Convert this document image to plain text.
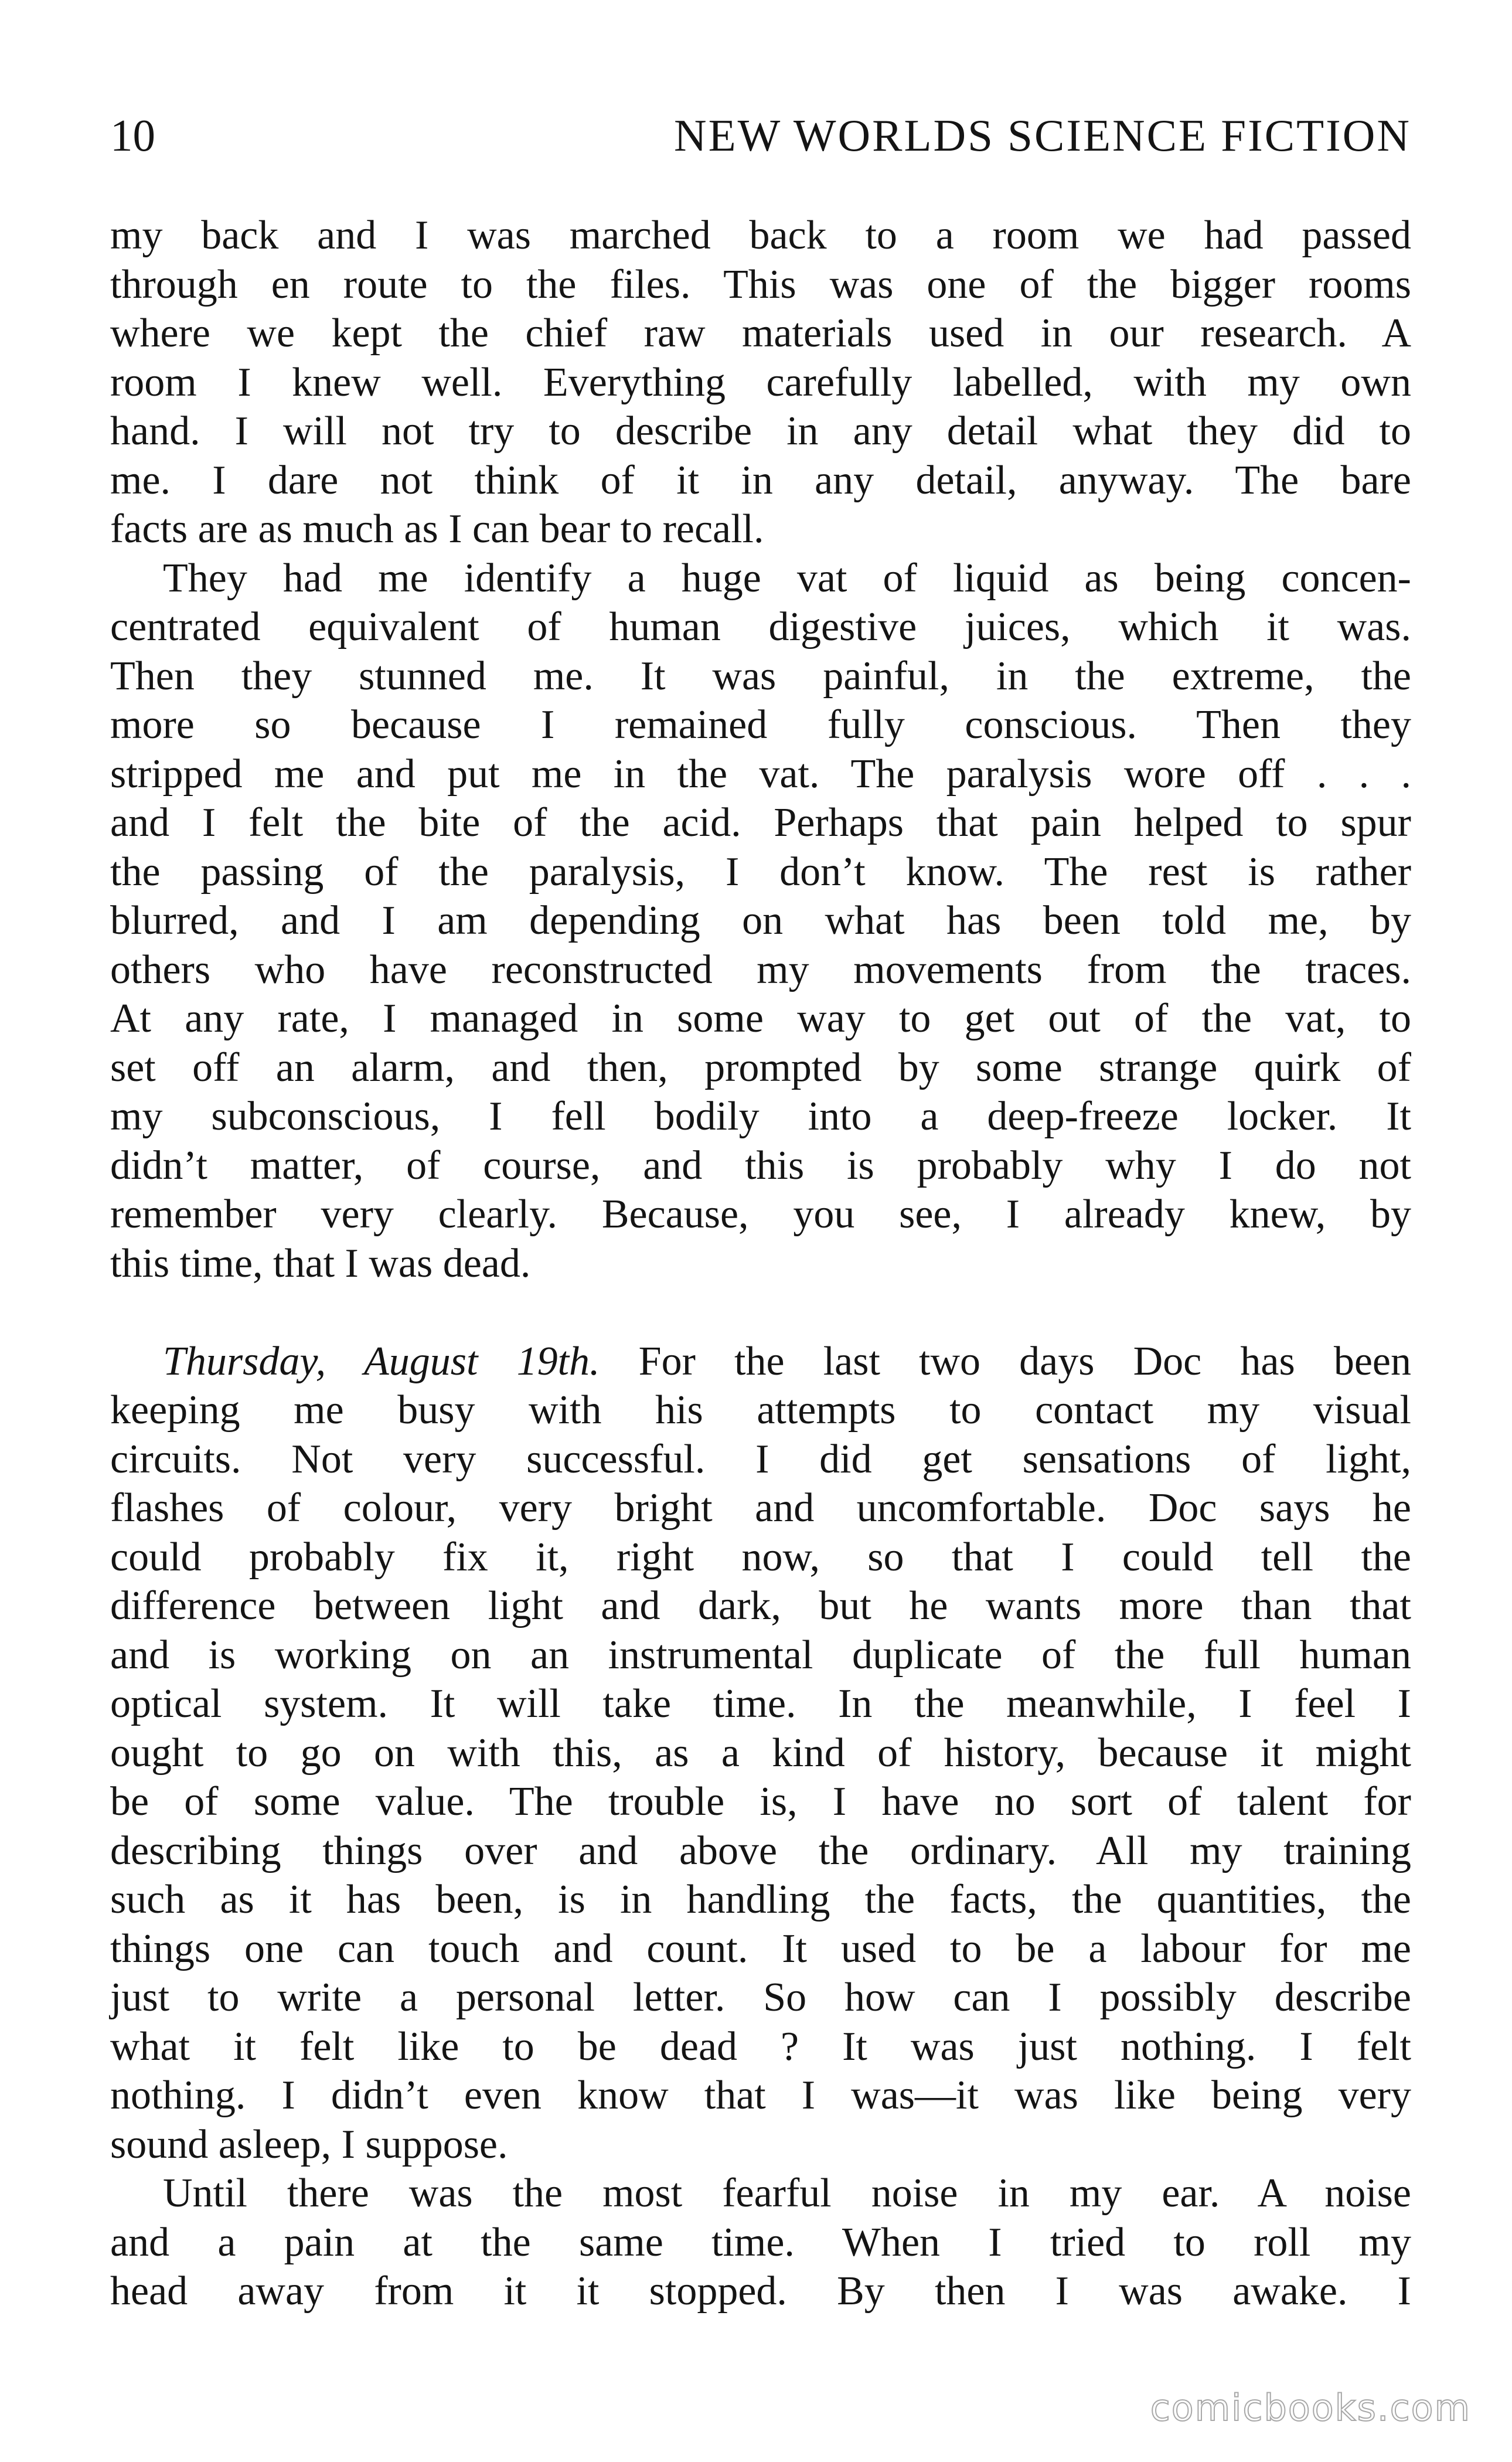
10	NEW WORLDS SCIENCE FICTION
my back and I was marched back to a room we had passed
through en route to the files. This was one of the bigger rooms
where we kept the chief raw materials used in our research. A
room I knew well. Everything carefully labelled, with my own
hand. I will not try to describe in any detail what they did to
me. I dare not think of it in any detail, anyway. The bare
facts are as much as I can bear to recall.
They had me identify a huge vat of liquid as being concen-
centrated equivalent of human digestive juices, which it was.
Then they stunned me. It was painful, in the extreme, the
more so because I remained fully conscious. Then they
stripped me and put me in the vat. The paralysis wore off . . .
and I felt the bite of the acid. Perhaps that pain helped to spur
the passing of the paralysis, I don’t know. The rest is rather
blurred, and I am depending on what has been told me, by
others who have reconstructed my movements from the traces.
At any rate, I managed in some way to get out of the vat, to
set off an alarm, and then, prompted by some strange quirk of
my subconscious, I fell bodily into a deep-freeze locker. It
didn’t matter, of course, and this is probably why I do not
remember very clearly. Because, you see, I already knew, by
this time, that I was dead.
Thursday, August 19th. For the last two days Doc has been
keeping me busy with his attempts to contact my visual
circuits. Not very successful. I did get sensations of light,
flashes of colour, very bright and uncomfortable. Doc says he
could probably fix it, right now, so that I could tell the
difference between light and dark, but he wants more than that
and is working on an instrumental duplicate of the full human
optical system. It will take time. In the meanwhile, I feel I
ought to go on with this, as a kind of history, because it might
be of some value. The trouble is, I have no sort of talent for
describing things over and above the ordinary. All my training
such as it has been, is in handling the facts, the quantities, the
things one can touch and count. It used to be a labour for me
just to write a personal letter. So how can I possibly describe
what it felt like to be dead ? It was just nothing. I felt
nothing. I didn’t even know that I was—it was like being very
sound asleep, I suppose.
Until there was the most fearful noise in my ear. A noise
and a pain at the same time. When I tried to roll my
head away from it it stopped. By then I was awake. I
comicbooks.com
